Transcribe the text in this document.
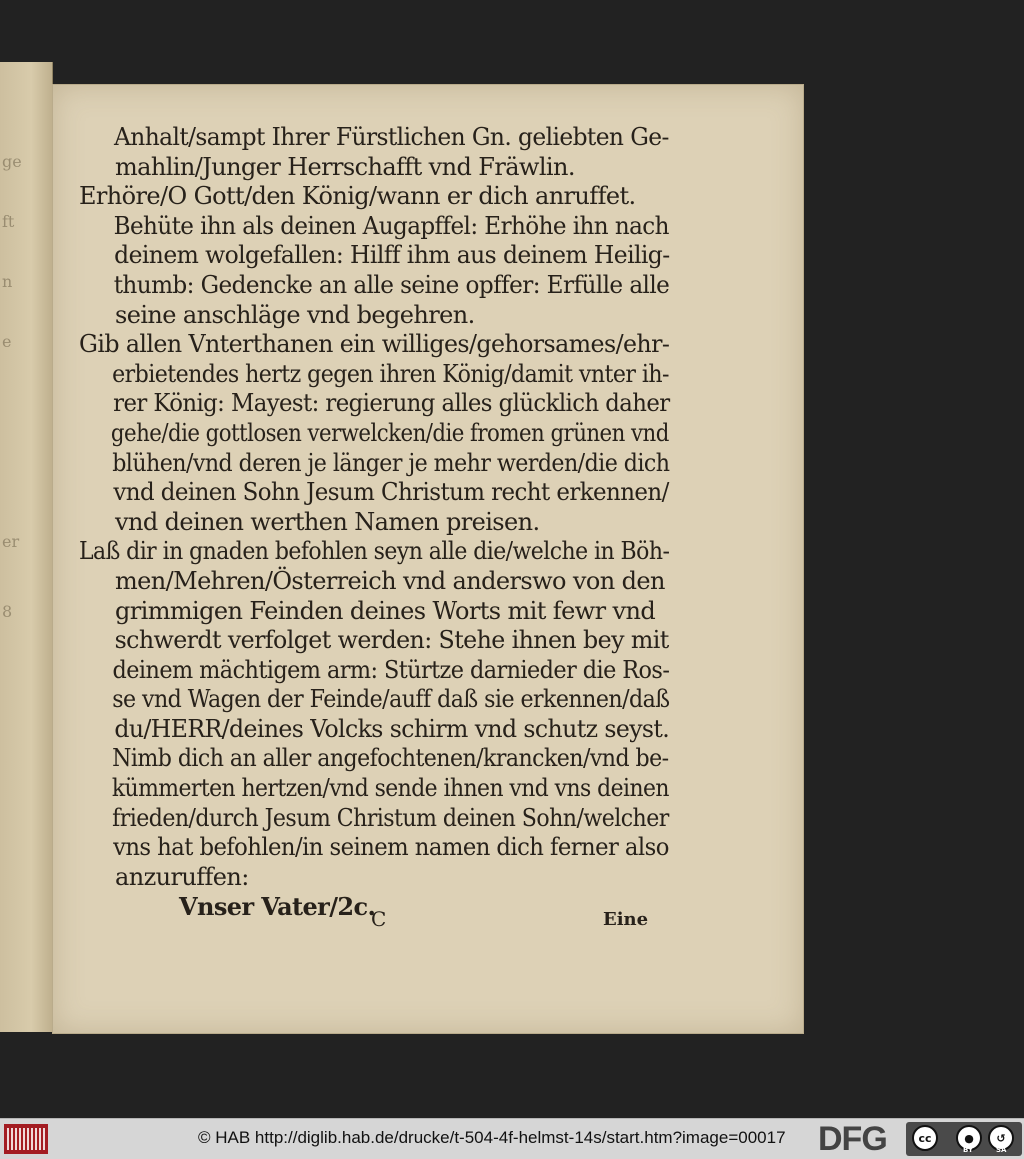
ge
ft
n
e
er
8
Anhalt/sampt Ihrer Fürstlichen Gn. geliebten Ge-
mahlin/Junger Herrschafft vnd Fräwlin.
Erhöre/O Gott/den König/wann er dich anruffet.
Behüte ihn als deinen Augapffel: Erhöhe ihn nach
deinem wolgefallen: Hilff ihm aus deinem Heilig-
thumb: Gedencke an alle seine opffer: Erfülle alle
seine anschläge vnd begehren.
Gib allen Vnterthanen ein williges/gehorsames/ehr-
erbietendes hertz gegen ihren König/damit vnter ih-
rer König: Mayest: regierung alles glücklich daher
gehe/die gottlosen verwelcken/die fromen grünen vnd
blühen/vnd deren je länger je mehr werden/die dich
vnd deinen Sohn Jesum Christum recht erkennen/
vnd deinen werthen Namen preisen.
Laß dir in gnaden befohlen seyn alle die/welche in Böh-
men/Mehren/Österreich vnd anderswo von den
grimmigen Feinden deines Worts mit fewr vnd
schwerdt verfolget werden: Stehe ihnen bey mit
deinem mächtigem arm: Stürtze darnieder die Ros-
se vnd Wagen der Feinde/auff daß sie erkennen/daß
du/HERR/deines Volcks schirm vnd schutz seyst.
Nimb dich an aller angefochtenen/krancken/vnd be-
kümmerten hertzen/vnd sende ihnen vnd vns deinen
frieden/durch Jesum Christum deinen Sohn/welcher
vns hat befohlen/in seinem namen dich ferner also
anzuruffen:
Vnser Vater/2c.
C	Eine
© HAB http://diglib.hab.de/drucke/t-504-4f-helmst-14s/start.htm?image=00017 DFG	cc	●	↺
BY	SA
